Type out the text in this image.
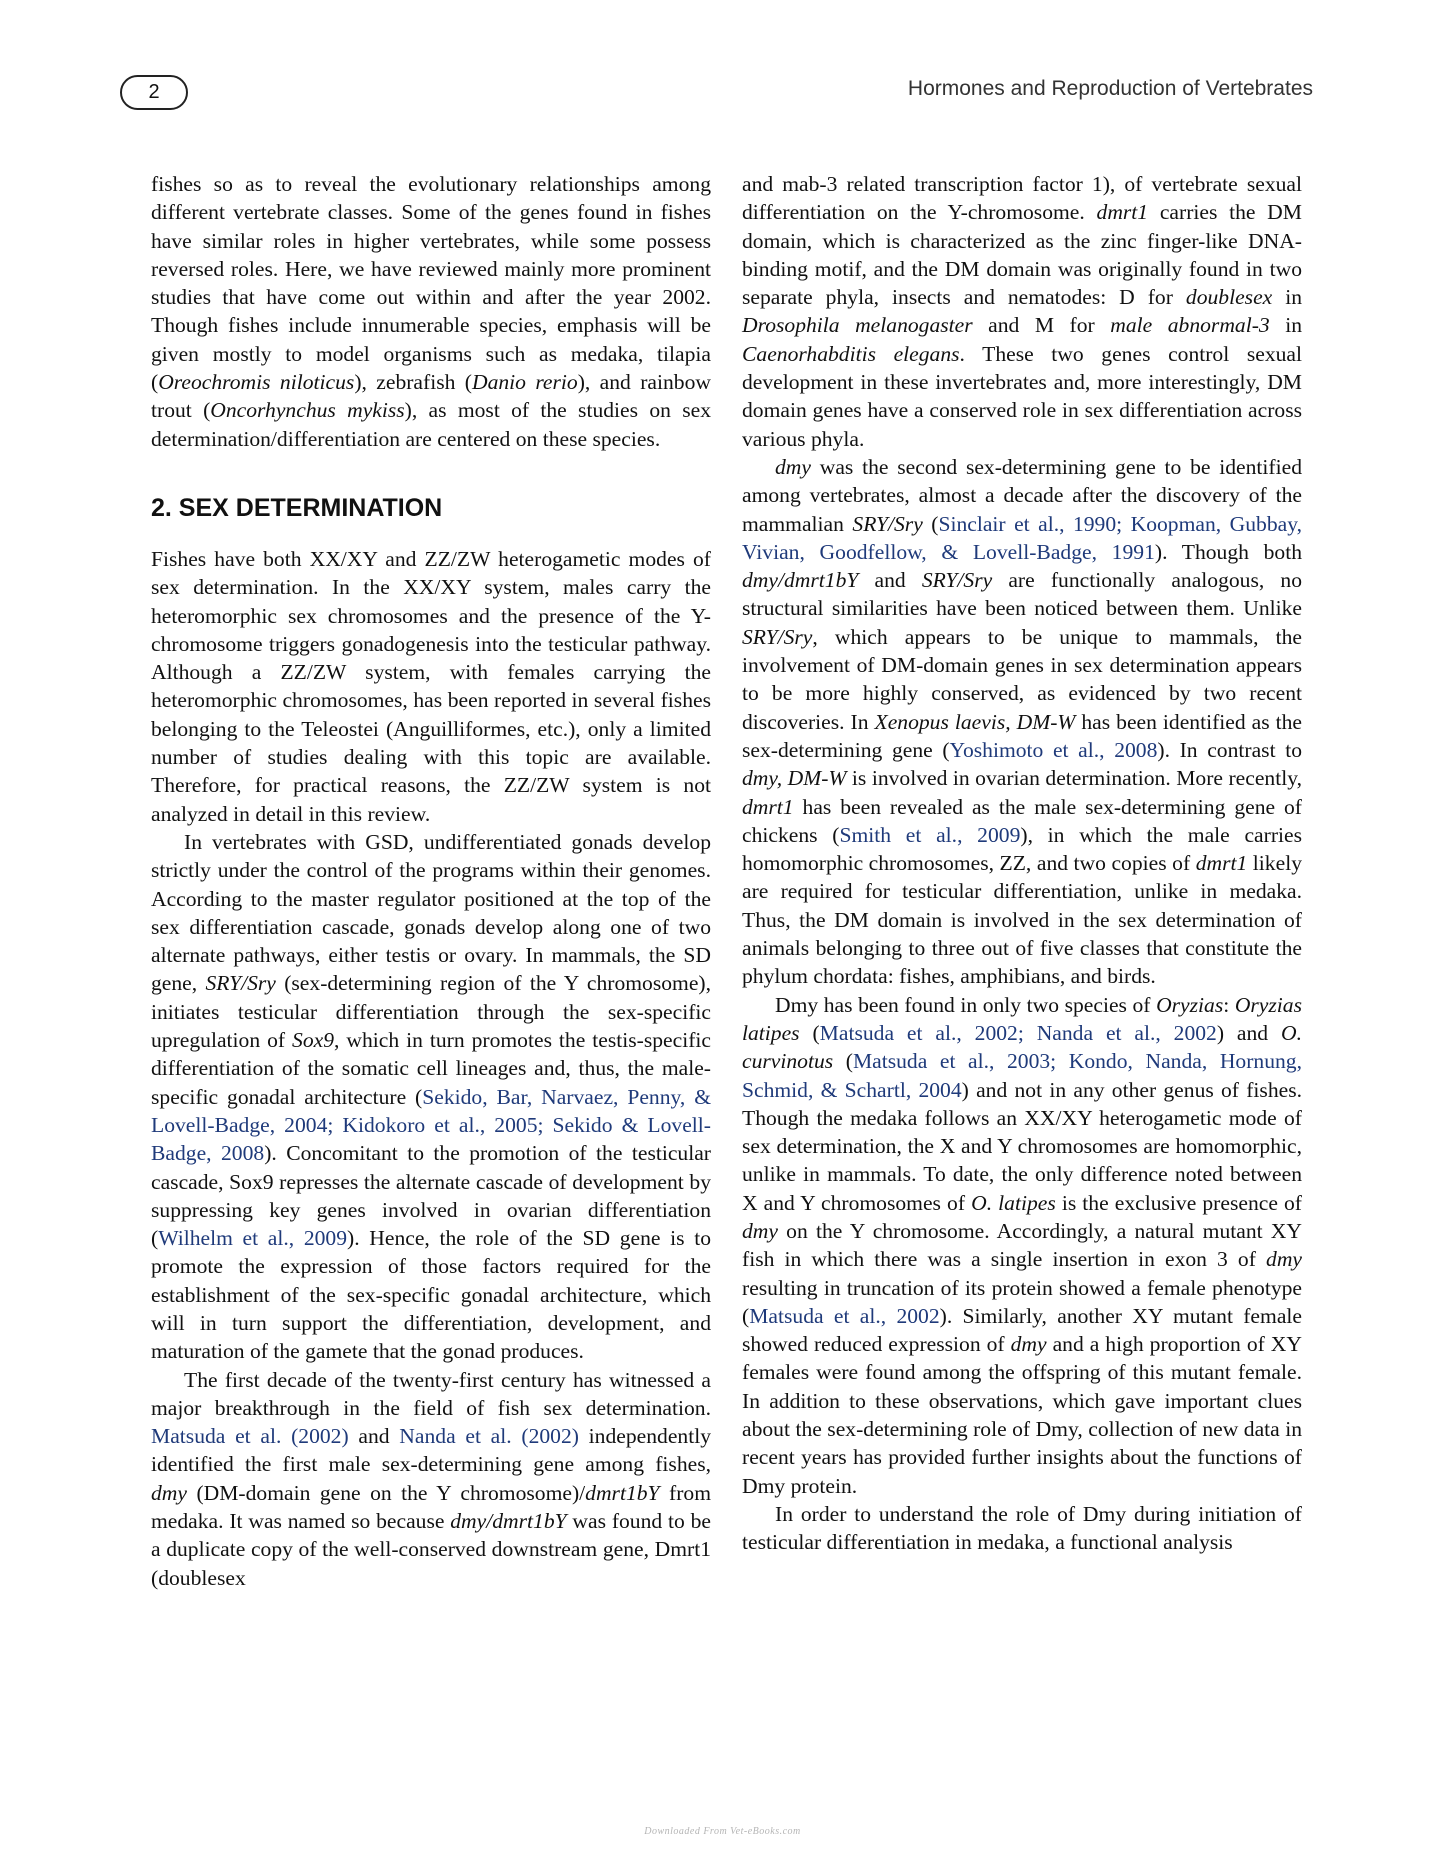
2	Hormones and Reproduction of Vertebrates

fishes so as to reveal the evolutionary relationships among different vertebrate classes. Some of the genes found in fishes have similar roles in higher vertebrates, while some possess reversed roles. Here, we have reviewed mainly more prominent studies that have come out within and after the year 2002. Though fishes include innumerable species, emphasis will be given mostly to model organisms such as medaka, tilapia (Oreochromis niloticus), zebrafish (Danio rerio), and rainbow trout (Oncorhynchus mykiss), as most of the studies on sex determination/differentiation are centered on these species.

2. SEX DETERMINATION

Fishes have both XX/XY and ZZ/ZW heterogametic modes of sex determination. In the XX/XY system, males carry the heteromorphic sex chromosomes and the presence of the Y-chromosome triggers gonadogenesis into the testicular pathway. Although a ZZ/ZW system, with females carrying the heteromorphic chromosomes, has been reported in several fishes belonging to the Teleostei (Anguilliformes, etc.), only a limited number of studies dealing with this topic are available. Therefore, for practical reasons, the ZZ/ZW system is not analyzed in detail in this review.

In vertebrates with GSD, undifferentiated gonads develop strictly under the control of the programs within their genomes. According to the master regulator positioned at the top of the sex differentiation cascade, gonads develop along one of two alternate pathways, either testis or ovary. In mammals, the SD gene, SRY/Sry (sex-determining region of the Y chromosome), initiates testicular differentiation through the sex-specific upregulation of Sox9, which in turn promotes the testis-specific differentiation of the somatic cell lineages and, thus, the male-specific gonadal architecture (Sekido, Bar, Narvaez, Penny, & Lovell-Badge, 2004; Kidokoro et al., 2005; Sekido & Lovell-Badge, 2008). Concomitant to the promotion of the testicular cascade, Sox9 represses the alternate cascade of development by suppressing key genes involved in ovarian differentiation (Wilhelm et al., 2009). Hence, the role of the SD gene is to promote the expression of those factors required for the establishment of the sex-specific gonadal architecture, which will in turn support the differentiation, development, and maturation of the gamete that the gonad produces.

The first decade of the twenty-first century has witnessed a major breakthrough in the field of fish sex determination. Matsuda et al. (2002) and Nanda et al. (2002) independently identified the first male sex-determining gene among fishes, dmy (DM-domain gene on the Y chromosome)/dmrt1bY from medaka. It was named so because dmy/dmrt1bY was found to be a duplicate copy of the well-conserved downstream gene, Dmrt1 (doublesex

and mab-3 related transcription factor 1), of vertebrate sexual differentiation on the Y-chromosome. dmrt1 carries the DM domain, which is characterized as the zinc finger-like DNA-binding motif, and the DM domain was originally found in two separate phyla, insects and nematodes: D for doublesex in Drosophila melanogaster and M for male abnormal-3 in Caenorhabditis elegans. These two genes control sexual development in these invertebrates and, more interestingly, DM domain genes have a conserved role in sex differentiation across various phyla.

dmy was the second sex-determining gene to be identified among vertebrates, almost a decade after the discovery of the mammalian SRY/Sry (Sinclair et al., 1990; Koopman, Gubbay, Vivian, Goodfellow, & Lovell-Badge, 1991). Though both dmy/dmrt1bY and SRY/Sry are functionally analogous, no structural similarities have been noticed between them. Unlike SRY/Sry, which appears to be unique to mammals, the involvement of DM-domain genes in sex determination appears to be more highly conserved, as evidenced by two recent discoveries. In Xenopus laevis, DM-W has been identified as the sex-determining gene (Yoshimoto et al., 2008). In contrast to dmy, DM-W is involved in ovarian determination. More recently, dmrt1 has been revealed as the male sex-determining gene of chickens (Smith et al., 2009), in which the male carries homomorphic chromosomes, ZZ, and two copies of dmrt1 likely are required for testicular differentiation, unlike in medaka. Thus, the DM domain is involved in the sex determination of animals belonging to three out of five classes that constitute the phylum chordata: fishes, amphibians, and birds.

Dmy has been found in only two species of Oryzias: Oryzias latipes (Matsuda et al., 2002; Nanda et al., 2002) and O. curvinotus (Matsuda et al., 2003; Kondo, Nanda, Hornung, Schmid, & Schartl, 2004) and not in any other genus of fishes. Though the medaka follows an XX/XY heterogametic mode of sex determination, the X and Y chromosomes are homomorphic, unlike in mammals. To date, the only difference noted between X and Y chromosomes of O. latipes is the exclusive presence of dmy on the Y chromosome. Accordingly, a natural mutant XY fish in which there was a single insertion in exon 3 of dmy resulting in truncation of its protein showed a female phenotype (Matsuda et al., 2002). Similarly, another XY mutant female showed reduced expression of dmy and a high proportion of XY females were found among the offspring of this mutant female. In addition to these observations, which gave important clues about the sex-determining role of Dmy, collection of new data in recent years has provided further insights about the functions of Dmy protein.

In order to understand the role of Dmy during initiation of testicular differentiation in medaka, a functional analysis

Downloaded From Vet-eBooks.com
